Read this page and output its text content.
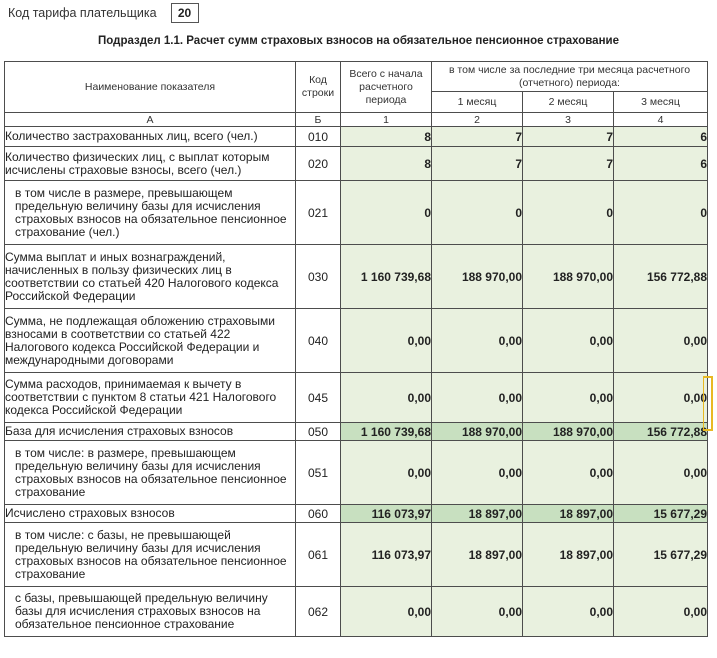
Код тарифа плательщика	20
Подраздел 1.1. Расчет сумм страховых взносов на обязательное пенсионное страхование
Наименование показателя	Код строки	Всего с начала расчетного периода	в том числе за последние три месяца расчетного (отчетного) периода:		
			1 месяц	2 месяц	3 месяц
А	Б	1	2	3	4
Количество застрахованных лиц, всего (чел.)	010	8	7	7	6
Количество физических лиц, с выплат которым исчислены страховые взносы, всего (чел.)	020	8	7	7	6
в том числе в размере, превышающем предельную величину базы для исчисления страховых взносов на обязательное пенсионное страхование (чел.)	021	0	0	0	0
Сумма выплат и иных вознаграждений, начисленных в пользу физических лиц в соответствии со статьей 420 Налогового кодекса Российской Федерации	030	1 160 739,68	188 970,00	188 970,00	156 772,88
Сумма, не подлежащая обложению страховыми взносами в соответствии со статьей 422 Налогового кодекса Российской Федерации и международными договорами	040	0,00	0,00	0,00	0,00
Сумма расходов, принимаемая к вычету в соответствии с пунктом 8 статьи 421 Налогового кодекса Российской Федерации	045	0,00	0,00	0,00	0,00
База для исчисления страховых взносов	050	1 160 739,68	188 970,00	188 970,00	156 772,88
в том числе: в размере, превышающем предельную величину базы для исчисления страховых взносов на обязательное пенсионное страхование	051	0,00	0,00	0,00	0,00
Исчислено страховых взносов	060	116 073,97	18 897,00	18 897,00	15 677,29
в том числе: с базы, не превышающей предельную величину базы для исчисления страховых взносов на обязательное пенсионное страхование	061	116 073,97	18 897,00	18 897,00	15 677,29
с базы, превышающей предельную величину базы для исчисления страховых взносов на обязательное пенсионное страхование	062	0,00	0,00	0,00	0,00
